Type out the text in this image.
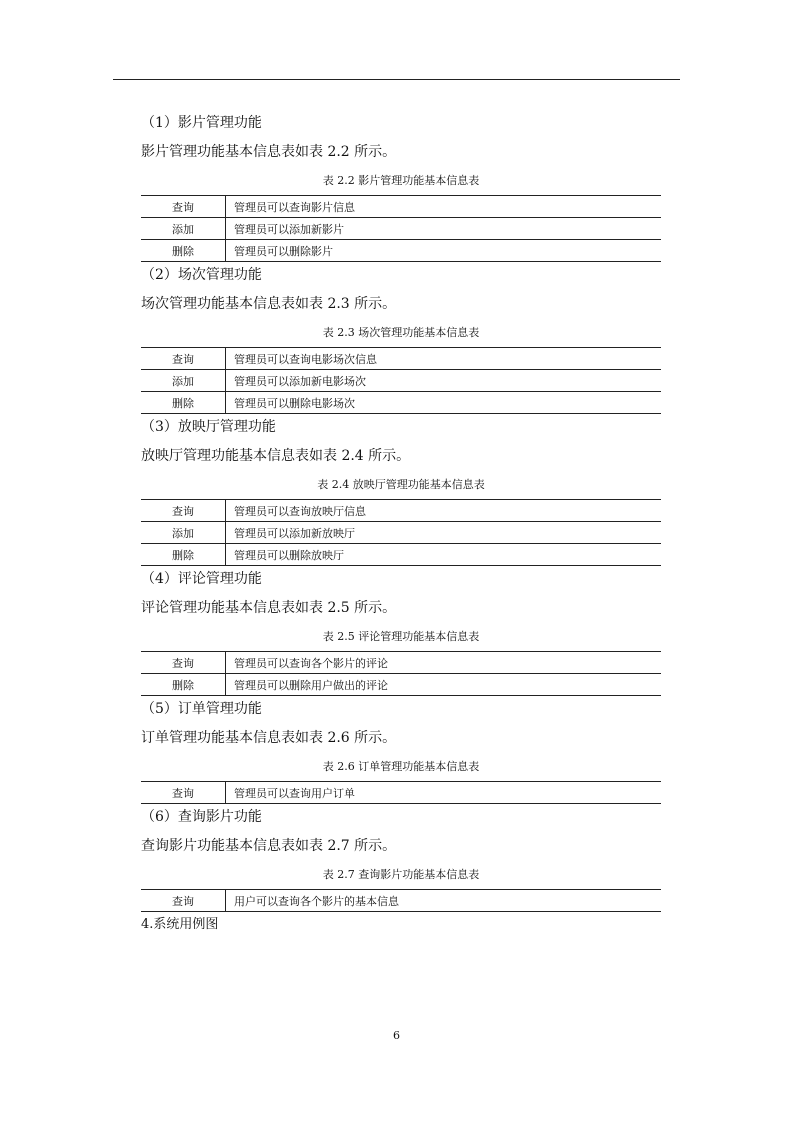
（1）影片管理功能

影片管理功能基本信息表如表 2.2 所示。

表 2.2 影片管理功能基本信息表

查询	管理员可以查询影片信息
添加	管理员可以添加新影片
删除	管理员可以删除影片

（2）场次管理功能

场次管理功能基本信息表如表 2.3 所示。

表 2.3 场次管理功能基本信息表

查询	管理员可以查询电影场次信息
添加	管理员可以添加新电影场次
删除	管理员可以删除电影场次

（3）放映厅管理功能

放映厅管理功能基本信息表如表 2.4 所示。

表 2.4 放映厅管理功能基本信息表

查询	管理员可以查询放映厅信息
添加	管理员可以添加新放映厅
删除	管理员可以删除放映厅

（4）评论管理功能

评论管理功能基本信息表如表 2.5 所示。

表 2.5 评论管理功能基本信息表

查询	管理员可以查询各个影片的评论
删除	管理员可以删除用户做出的评论

（5）订单管理功能

订单管理功能基本信息表如表 2.6 所示。

表 2.6 订单管理功能基本信息表

查询	管理员可以查询用户订单

（6）查询影片功能

查询影片功能基本信息表如表 2.7 所示。

表 2.7 查询影片功能基本信息表

查询	用户可以查询各个影片的基本信息

4.系统用例图

6
